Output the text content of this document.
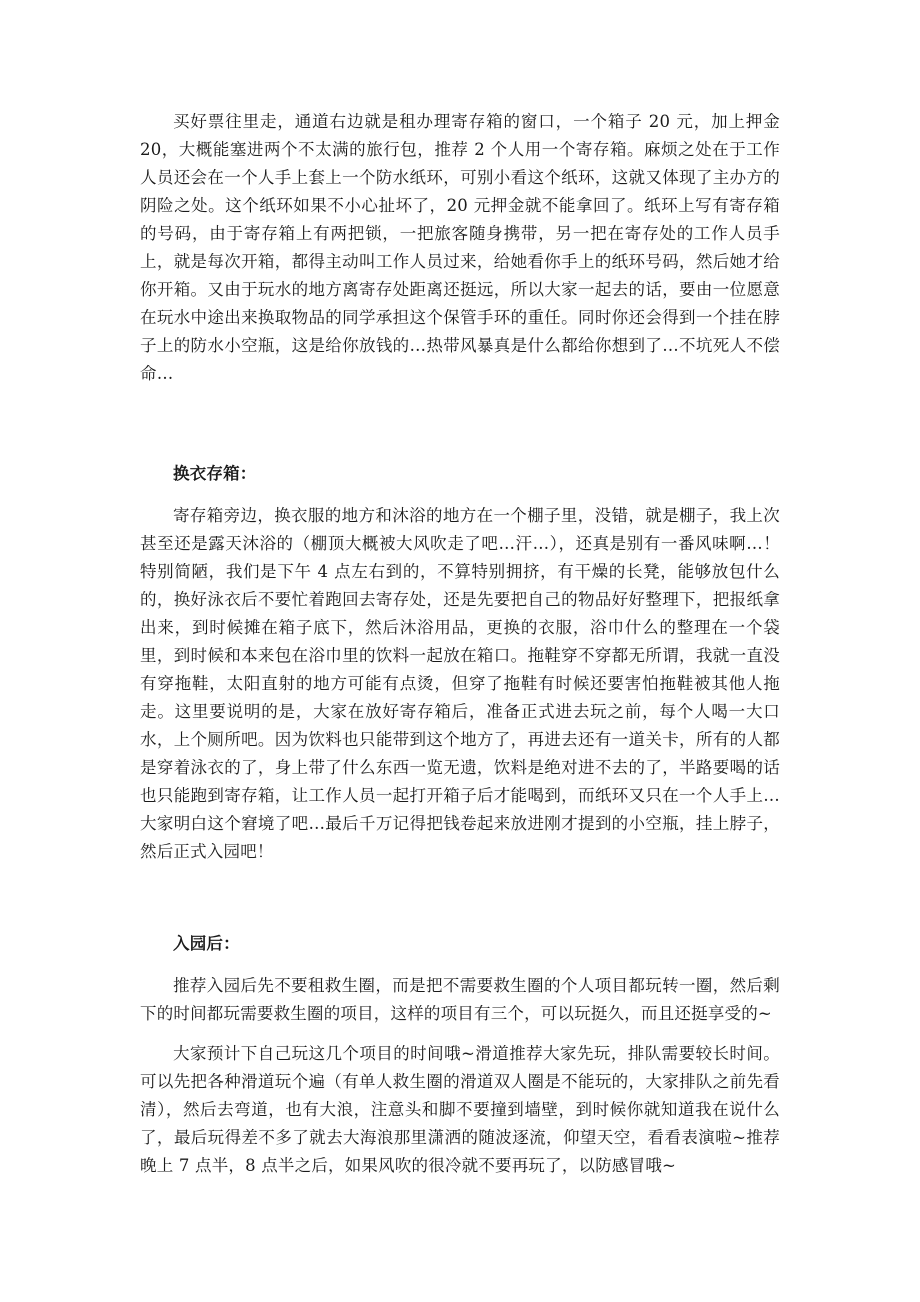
买好票往里走，通道右边就是租办理寄存箱的窗口，一个箱子 20 元，加上押金 20，大概能塞进两个不太满的旅行包，推荐 2 个人用一个寄存箱。麻烦之处在于工作人员还会在一个人手上套上一个防水纸环，可别小看这个纸环，这就又体现了主办方的阴险之处。这个纸环如果不小心扯坏了，20 元押金就不能拿回了。纸环上写有寄存箱的号码，由于寄存箱上有两把锁，一把旅客随身携带，另一把在寄存处的工作人员手上，就是每次开箱，都得主动叫工作人员过来，给她看你手上的纸环号码，然后她才给你开箱。又由于玩水的地方离寄存处距离还挺远，所以大家一起去的话，要由一位愿意在玩水中途出来换取物品的同学承担这个保管手环的重任。同时你还会得到一个挂在脖子上的防水小空瓶，这是给你放钱的…热带风暴真是什么都给你想到了…不坑死人不偿命…

换衣存箱：

寄存箱旁边，换衣服的地方和沐浴的地方在一个棚子里，没错，就是棚子，我上次甚至还是露天沐浴的（棚顶大概被大风吹走了吧…汗…），还真是别有一番风味啊…！特别简陋，我们是下午 4 点左右到的，不算特别拥挤，有干燥的长凳，能够放包什么的，换好泳衣后不要忙着跑回去寄存处，还是先要把自己的物品好好整理下，把报纸拿出来，到时候摊在箱子底下，然后沐浴用品，更换的衣服，浴巾什么的整理在一个袋里，到时候和本来包在浴巾里的饮料一起放在箱口。拖鞋穿不穿都无所谓，我就一直没有穿拖鞋，太阳直射的地方可能有点烫，但穿了拖鞋有时候还要害怕拖鞋被其他人拖走。这里要说明的是，大家在放好寄存箱后，准备正式进去玩之前，每个人喝一大口水，上个厕所吧。因为饮料也只能带到这个地方了，再进去还有一道关卡，所有的人都是穿着泳衣的了，身上带了什么东西一览无遗，饮料是绝对进不去的了，半路要喝的话也只能跑到寄存箱，让工作人员一起打开箱子后才能喝到，而纸环又只在一个人手上…大家明白这个窘境了吧…最后千万记得把钱卷起来放进刚才提到的小空瓶，挂上脖子，然后正式入园吧！

入园后：

推荐入园后先不要租救生圈，而是把不需要救生圈的个人项目都玩转一圈，然后剩下的时间都玩需要救生圈的项目，这样的项目有三个，可以玩挺久，而且还挺享受的~

大家预计下自己玩这几个项目的时间哦~滑道推荐大家先玩，排队需要较长时间。可以先把各种滑道玩个遍（有单人救生圈的滑道双人圈是不能玩的，大家排队之前先看清），然后去弯道，也有大浪，注意头和脚不要撞到墙壁，到时候你就知道我在说什么了，最后玩得差不多了就去大海浪那里潇洒的随波逐流，仰望天空，看看表演啦~推荐晚上 7 点半，8 点半之后，如果风吹的很冷就不要再玩了，以防感冒哦~
